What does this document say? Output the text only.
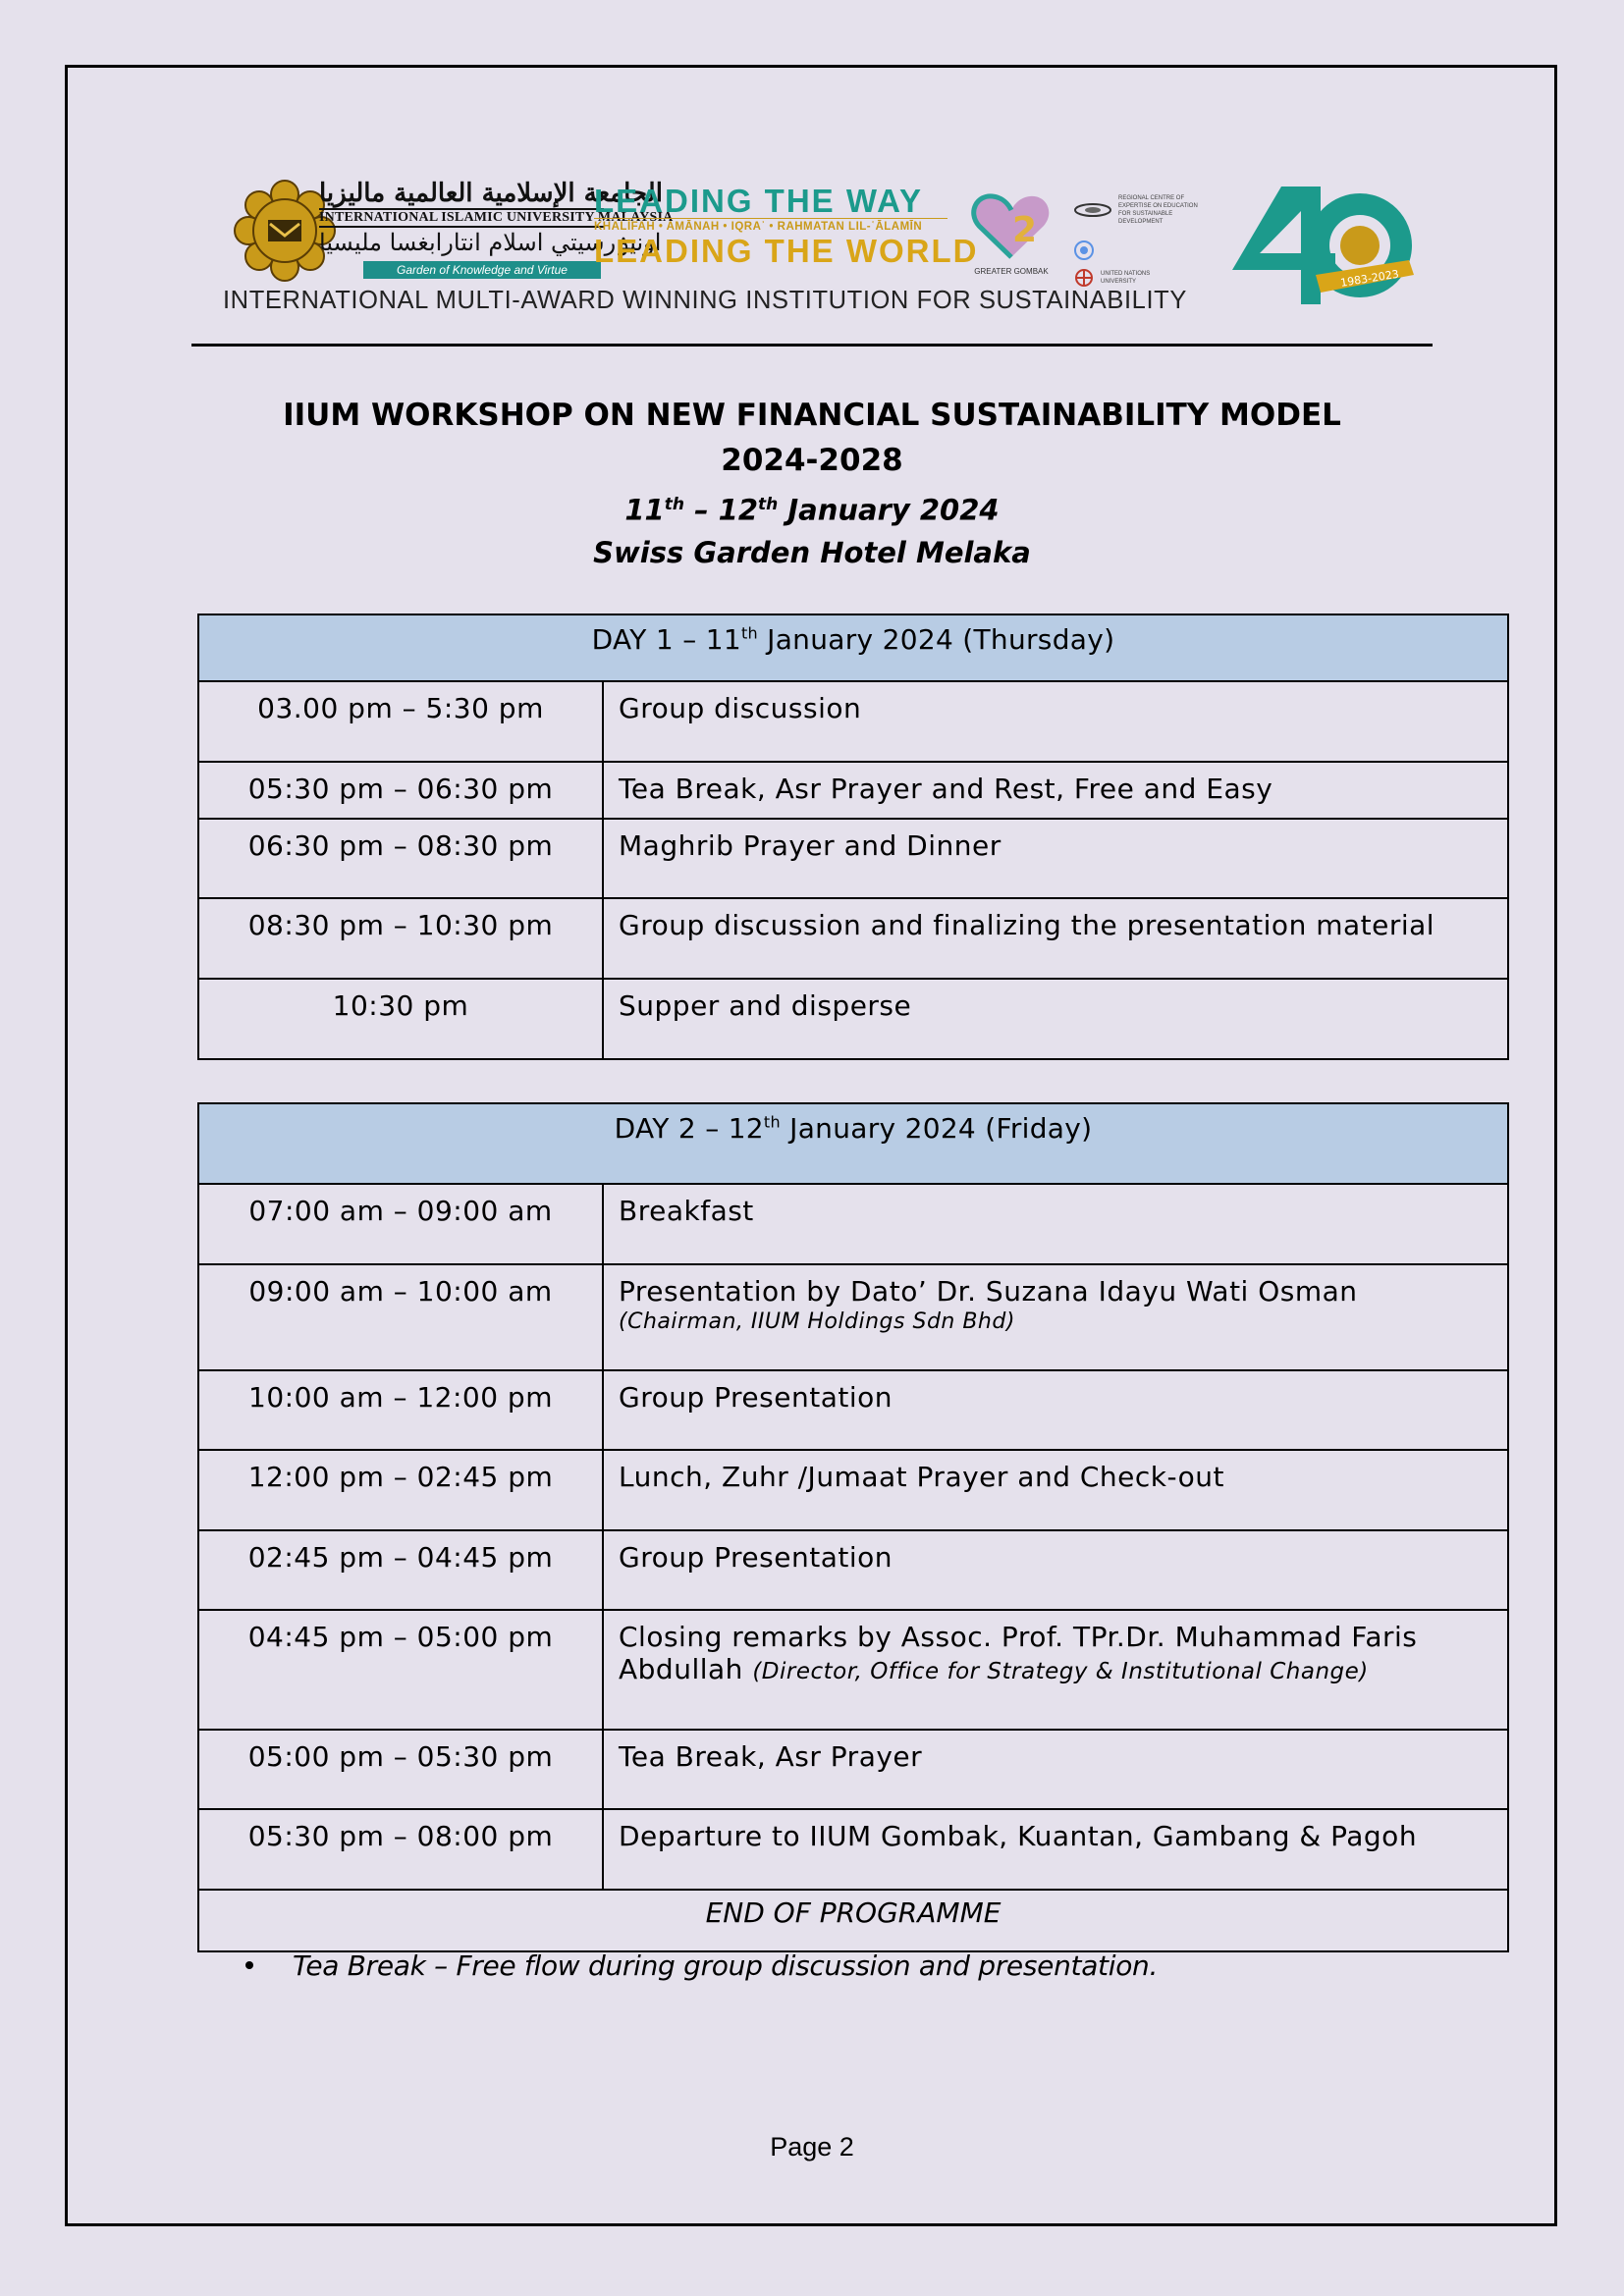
الجامعة الإسلامية العالمية ماليزيا
INTERNATIONAL ISLAMIC UNIVERSITY MALAYSIA
اونيۏرسيتي اسلام انتارابغسا مليسيا
Garden of Knowledge and Virtue
LEADING THE WAY
KHALĪFAH • AMĀNAH • IQRAʾ • RAHMATAN LIL-ʿĀLAMĪN
LEADING THE WORLD
2
GREATER GOMBAK
REGIONAL CENTRE OF EXPERTISE ON EDUCATION FOR SUSTAINABLE DEVELOPMENT
UNITED NATIONS UNIVERSITY	1983-2023
INTERNATIONAL MULTI-AWARD WINNING INSTITUTION FOR SUSTAINABILITY
IIUM WORKSHOP ON NEW FINANCIAL SUSTAINABILITY MODEL
2024-2028
11th – 12th January 2024
Swiss Garden Hotel Melaka
DAY 1 – 11th January 2024 (Thursday)	
03.00 pm – 5:30 pm	Group discussion
05:30 pm – 06:30 pm	Tea Break, Asr Prayer and Rest, Free and Easy
06:30 pm – 08:30 pm	Maghrib Prayer and Dinner
08:30 pm – 10:30 pm	Group discussion and finalizing the presentation material
10:30 pm	Supper and disperse
DAY 2 – 12th January 2024 (Friday)	
07:00 am – 09:00 am	Breakfast
09:00 am – 10:00 am	Presentation by Dato’ Dr. Suzana Idayu Wati Osman
(Chairman, IIUM Holdings Sdn Bhd)

10:00 am – 12:00 pm	Group Presentation
12:00 pm – 02:45 pm	Lunch, Zuhr /Jumaat Prayer and Check-out
02:45 pm – 04:45 pm	Group Presentation
04:45 pm – 05:00 pm	Closing remarks by Assoc. Prof. TPr.Dr. Muhammad Faris
Abdullah (Director, Office for Strategy & Institutional Change)
05:00 pm – 05:30 pm	Tea Break, Asr Prayer
05:30 pm – 08:00 pm	Departure to IIUM Gombak, Kuantan, Gambang & Pagoh
END OF PROGRAMME	
Tea Break – Free flow during group discussion and presentation.
Page 2
